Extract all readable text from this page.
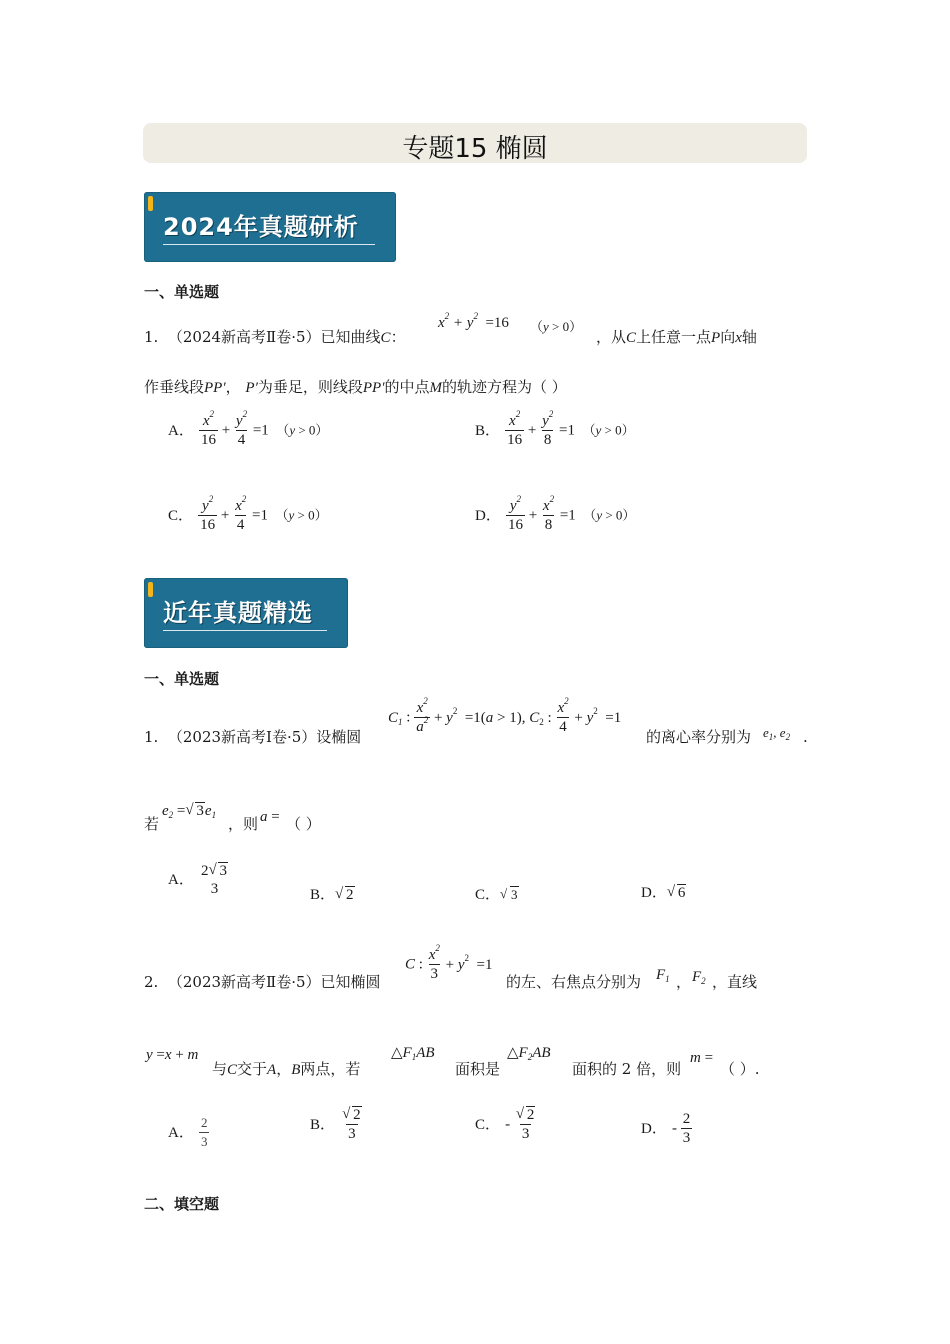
专题15 椭圆
2024年真题研析
一、单选题
1. （2024新高考Ⅱ卷·5）已知曲线C：
$x^2 + y^2 =16$ （y > 0）
，从C上任意一点P向x轴
作垂线段PP′， P′为垂足，则线段PP′的中点M的轨迹方程为（ ）
A． $\frac{x^2}{16} + \frac{y^2}{4} =1$  （y > 0）	B． $\frac{x^2}{16} + \frac{y^2}{8} =1$  （y > 0）
C． $\frac{y^2}{16} + \frac{x^2}{4} =1$  （y > 0）	D． $\frac{y^2}{16} + \frac{x^2}{8} =1$  （y > 0）
近年真题精选
一、单选题
1. （2023新高考Ⅰ卷·5）设椭圆
$C_1$ : $\frac{x^2}{a^2} + y^2 =1(a > 1)$, $C_2$ : $\frac{x^2}{4} + y^2 =1$
的离心率分别为 $e_1$, $e_2$ .
若
$e_2$ = √ $3e_1$ ，则 a = （ ）
A．
2 √ 3
3	B． √ 2	C． √ 3	D． √ 6
2. （2023新高考Ⅱ卷·5）已知椭圆
C : $\frac{x^2}{3} + y^2 =1$
的左、右焦点分别为 $F_1$ ， $F_2$ ，直线
y =x + m
与C交于A，B两点，若
$\triangle F_1AB$
面积是
$\triangle F_2AB$
面积的 2 倍，则
m =
（ ）.
A． $\frac{2}{3}$	B． √ $\frac{2}{3}$	C． - √ $\frac{2}{3}$	D． - $\frac{2}{3}$
二、填空题
